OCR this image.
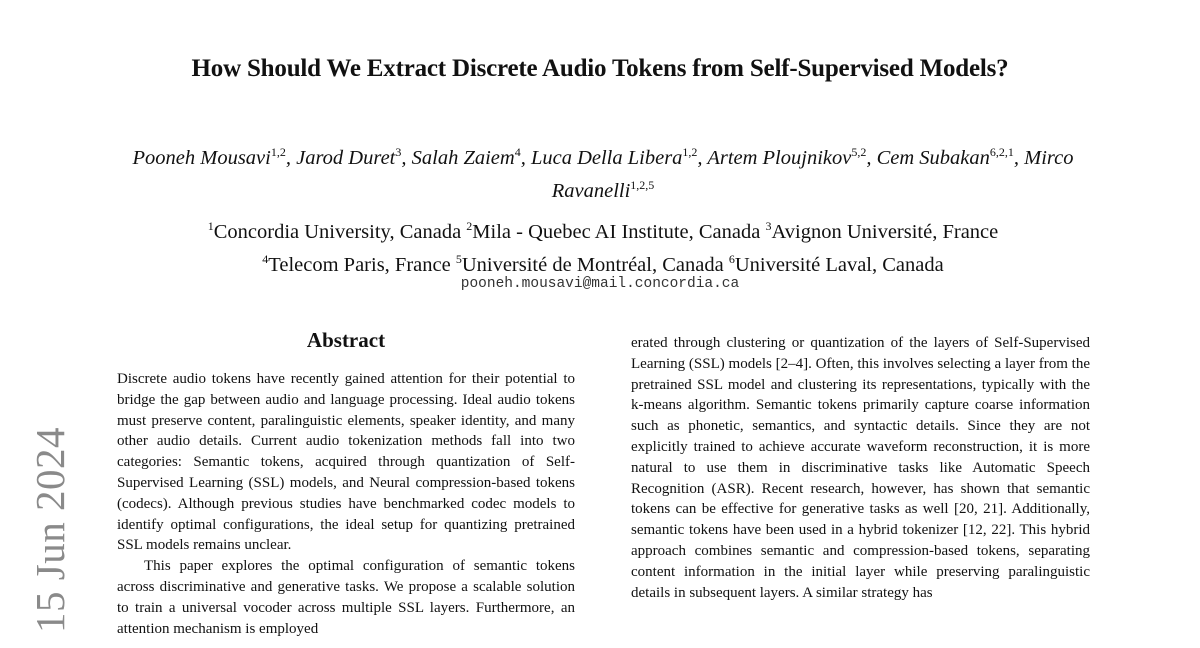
How Should We Extract Discrete Audio Tokens from Self-Supervised Models?
Pooneh Mousavi$^{1,2}$, Jarod Duret$^3$, Salah Zaiem$^4$, Luca Della Libera$^{1,2}$, Artem Ploujnikov$^{5,2}$, Cem Subakan$^{6,2,1}$, Mirco Ravanelli$^{1,2,5}$
$^1$Concordia University, Canada $^2$Mila - Quebec AI Institute, Canada $^3$Avignon Université, France
$^4$Telecom Paris, France $^5$Université de Montréal, Canada $^6$Université Laval, Canada
pooneh.mousavi@mail.concordia.ca
Abstract

Discrete audio tokens have recently gained attention for their potential to bridge the gap between audio and language processing. Ideal audio tokens must preserve content, paralinguistic elements, speaker identity, and many other audio details. Current audio tokenization methods fall into two categories: Semantic tokens, acquired through quantization of Self-Supervised Learning (SSL) models, and Neural compression-based tokens (codecs). Although previous studies have benchmarked codec models to identify optimal configurations, the ideal setup for quantizing pretrained SSL models remains unclear.

This paper explores the optimal configuration of semantic tokens across discriminative and generative tasks. We propose a scalable solution to train a universal vocoder across multiple SSL layers. Furthermore, an attention mechanism is employed

erated through clustering or quantization of the layers of Self-Supervised Learning (SSL) models [2–4]. Often, this involves selecting a layer from the pretrained SSL model and clustering its representations, typically with the k-means algorithm. Semantic tokens primarily capture coarse information such as phonetic, semantics, and syntactic details. Since they are not explicitly trained to achieve accurate waveform reconstruction, it is more natural to use them in discriminative tasks like Automatic Speech Recognition (ASR). Recent research, however, has shown that semantic tokens can be effective for generative tasks as well [20, 21]. Additionally, semantic tokens have been used in a hybrid tokenizer [12, 22]. This hybrid approach combines semantic and compression-based tokens, separating content information in the initial layer while preserving paralinguistic details in subsequent layers. A similar strategy has

15 Jun 2024
